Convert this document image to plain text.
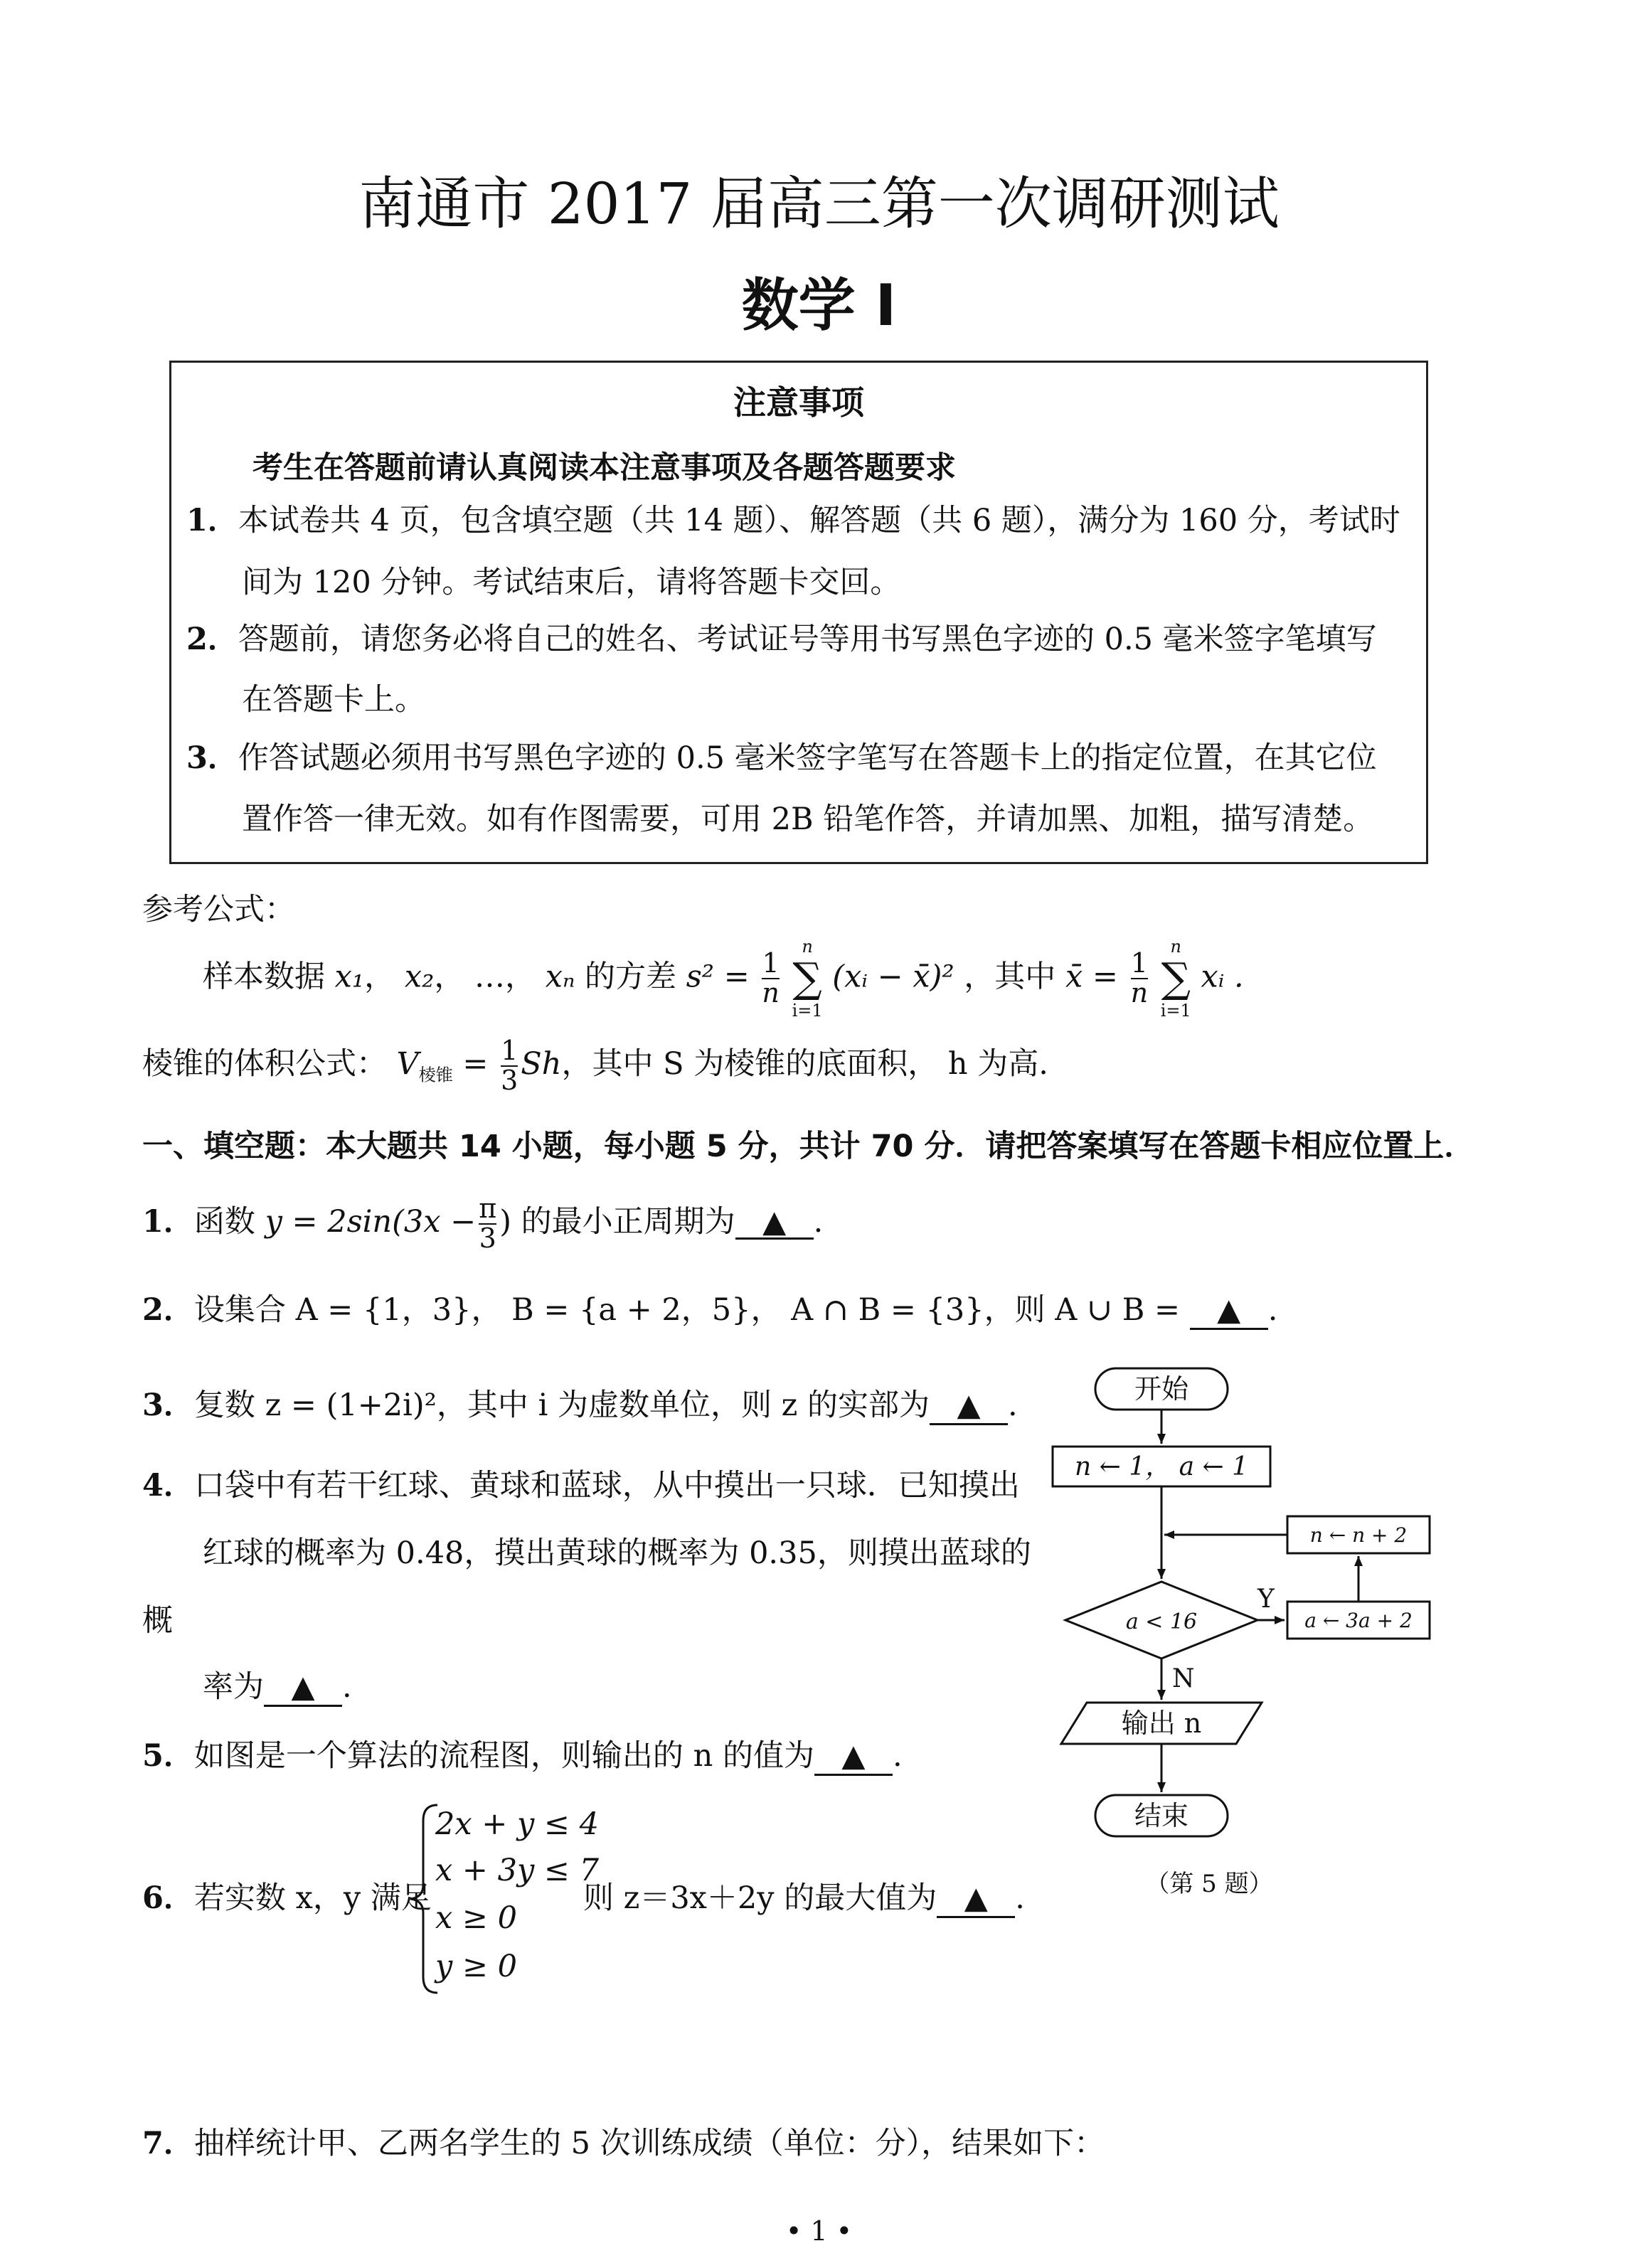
南通市 2017 届高三第一次调研测试
数学 Ⅰ
注意事项
考生在答题前请认真阅读本注意事项及各题答题要求
1．本试卷共 4 页，包含填空题（共 14 题）、解答题（共 6 题），满分为 160 分，考试时
间为 120 分钟。考试结束后，请将答题卡交回。
2．答题前，请您务必将自己的姓名、考试证号等用书写黑色字迹的 0.5 毫米签字笔填写
在答题卡上。
3．作答试题必须用书写黑色字迹的 0.5 毫米签字笔写在答题卡上的指定位置，在其它位
置作答一律无效。如有作图需要，可用 2B 铅笔作答，并请加黑、加粗，描写清楚。
参考公式：
样本数据 x₁， x₂， …， xₙ 的方差 $s^2 = \frac{1}{n}$

n
∑
i=1
(xᵢ − x̄)² ，其中 x̄ = $\frac{1}{n}$

n
∑
i=1
xᵢ .
棱锥的体积公式： $V_{棱锥} = \frac{1}{3}$ Sh，其中 S 为棱锥的底面积， h 为高.
一、填空题：本大题共 14 小题，每小题 5 分，共计 70 分．请把答案填写在答题卡相应位置上．
1．函数 $y = 2\sin(3x - \frac{\pi}{3}$ ) 的最小正周期为 ▲ .
2．设集合 A = {1，3}， B = {a + 2，5}， A ∩ B = {3}，则 A ∪ B = ▲ .
3．复数 z = (1+2i)²，其中 i 为虚数单位，则 z 的实部为 ▲ .
4．口袋中有若干红球、黄球和蓝球，从中摸出一只球．已知摸出
红球的概率为 0.48，摸出黄球的概率为 0.35，则摸出蓝球的
概
率为 ▲ .
5．如图是一个算法的流程图，则输出的 n 的值为 ▲ .
6．若实数 x，y 满足
2x + y ≤ 4
x + 3y ≤ 7
x ≥ 0
y ≥ 0
则 z＝3x＋2y 的最大值为 ▲ .
7．抽样统计甲、乙两名学生的 5 次训练成绩（单位：分），结果如下：
开始
n ← 1， a ← 1
n ← n + 2
a < 16	a ← 3a + 2
Y
N
输出 n
结束
（第 5 题）
• 1 •
